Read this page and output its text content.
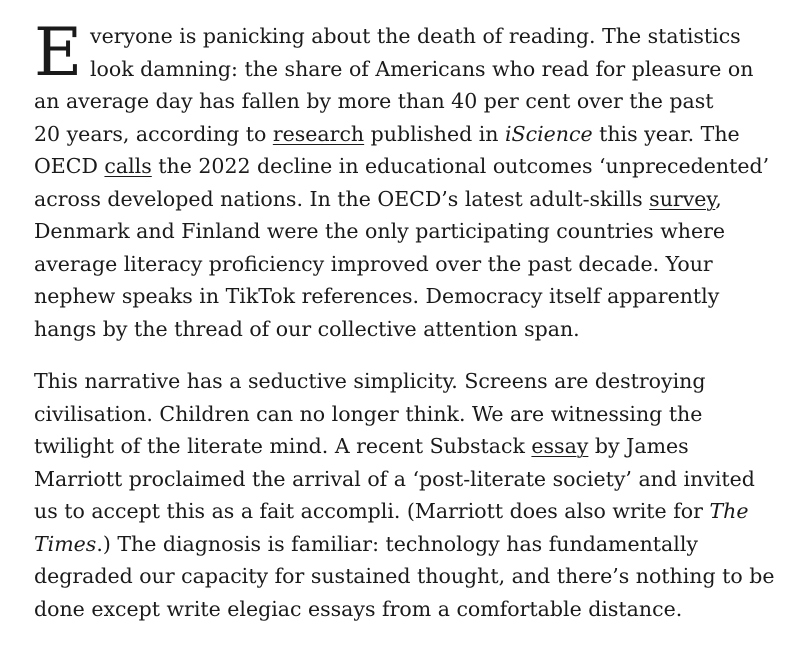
E veryone is panicking about the death of reading. The statistics
look damning: the share of Americans who read for pleasure on
an average day has fallen by more than 40 per cent over the past
20 years, according to research published in iScience this year. The
OECD calls the 2022 decline in educational outcomes ‘unprecedented’
across developed nations. In the OECD’s latest adult-skills survey,
Denmark and Finland were the only participating countries where
average literacy proficiency improved over the past decade. Your
nephew speaks in TikTok references. Democracy itself apparently
hangs by the thread of our collective attention span.

This narrative has a seductive simplicity. Screens are destroying
civilisation. Children can no longer think. We are witnessing the
twilight of the literate mind. A recent Substack essay by James
Marriott proclaimed the arrival of a ‘post-literate society’ and invited
us to accept this as a fait accompli. (Marriott does also write for The
Times.) The diagnosis is familiar: technology has fundamentally
degraded our capacity for sustained thought, and there’s nothing to be
done except write elegiac essays from a comfortable distance.
